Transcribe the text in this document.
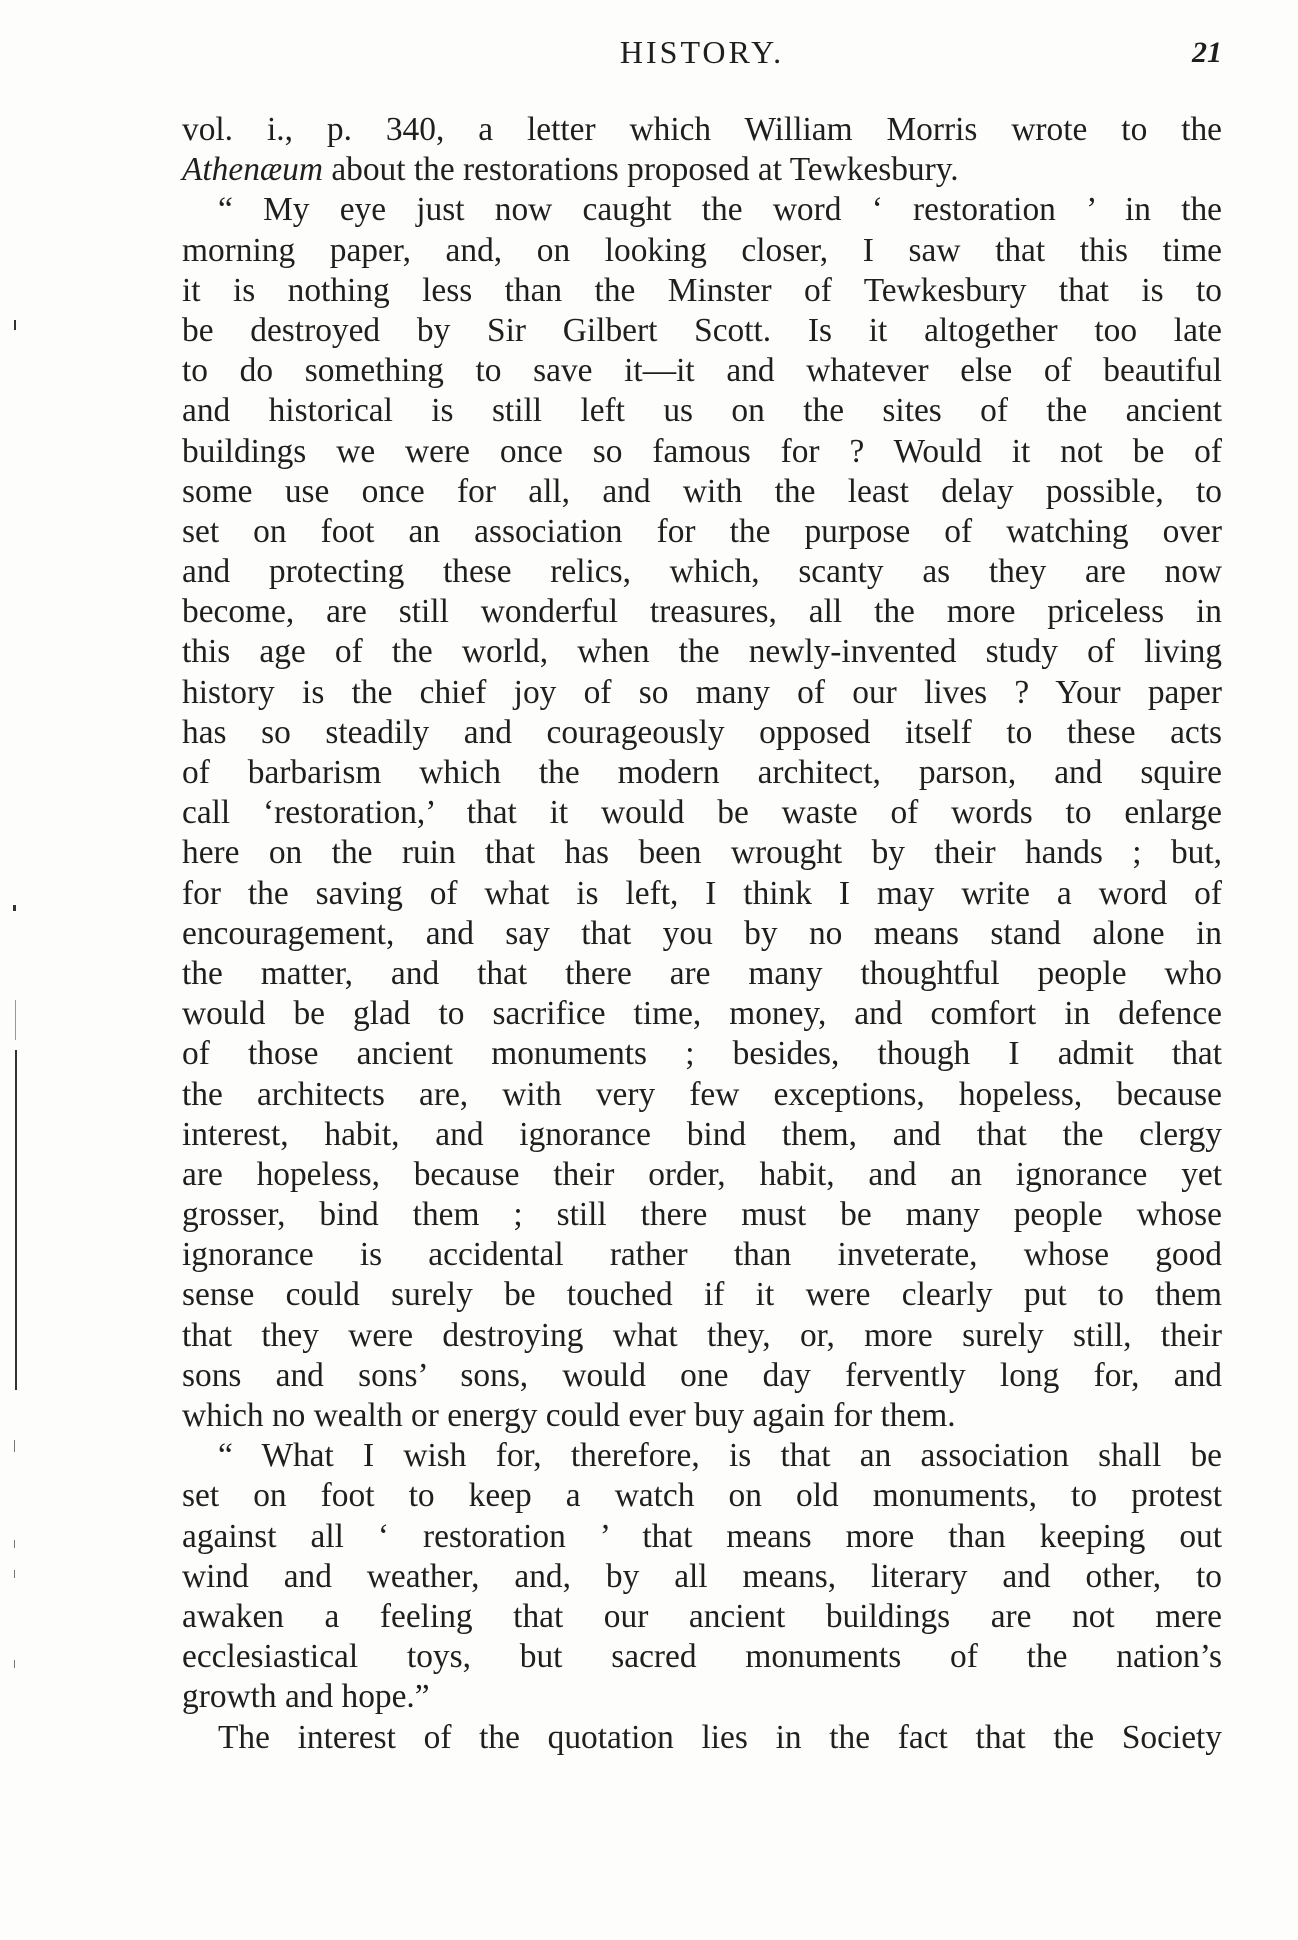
HISTORY.	21
vol. i., p. 340, a letter which William Morris wrote to the
Athenæum about the restorations proposed at Tewkesbury.
“ My eye just now caught the word ‘ restoration ’ in the
morning paper, and, on looking closer, I saw that this time
it is nothing less than the Minster of Tewkesbury that is to
be destroyed by Sir Gilbert Scott. Is it altogether too late
to do something to save it—it and whatever else of beautiful
and historical is still left us on the sites of the ancient
buildings we were once so famous for ? Would it not be of
some use once for all, and with the least delay possible, to
set on foot an association for the purpose of watching over
and protecting these relics, which, scanty as they are now
become, are still wonderful treasures, all the more priceless in
this age of the world, when the newly-invented study of living
history is the chief joy of so many of our lives ? Your paper
has so steadily and courageously opposed itself to these acts
of barbarism which the modern architect, parson, and squire
call ‘restoration,’ that it would be waste of words to enlarge
here on the ruin that has been wrought by their hands ; but,
for the saving of what is left, I think I may write a word of
encouragement, and say that you by no means stand alone in
the matter, and that there are many thoughtful people who
would be glad to sacrifice time, money, and comfort in defence
of those ancient monuments ; besides, though I admit that
the architects are, with very few exceptions, hopeless, because
interest, habit, and ignorance bind them, and that the clergy
are hopeless, because their order, habit, and an ignorance yet
grosser, bind them ; still there must be many people whose
ignorance is accidental rather than inveterate, whose good
sense could surely be touched if it were clearly put to them
that they were destroying what they, or, more surely still, their
sons and sons’ sons, would one day fervently long for, and
which no wealth or energy could ever buy again for them.
“ What I wish for, therefore, is that an association shall be
set on foot to keep a watch on old monuments, to protest
against all ‘ restoration ’ that means more than keeping out
wind and weather, and, by all means, literary and other, to
awaken a feeling that our ancient buildings are not mere
ecclesiastical toys, but sacred monuments of the nation’s
growth and hope.”
The interest of the quotation lies in the fact that the Society
